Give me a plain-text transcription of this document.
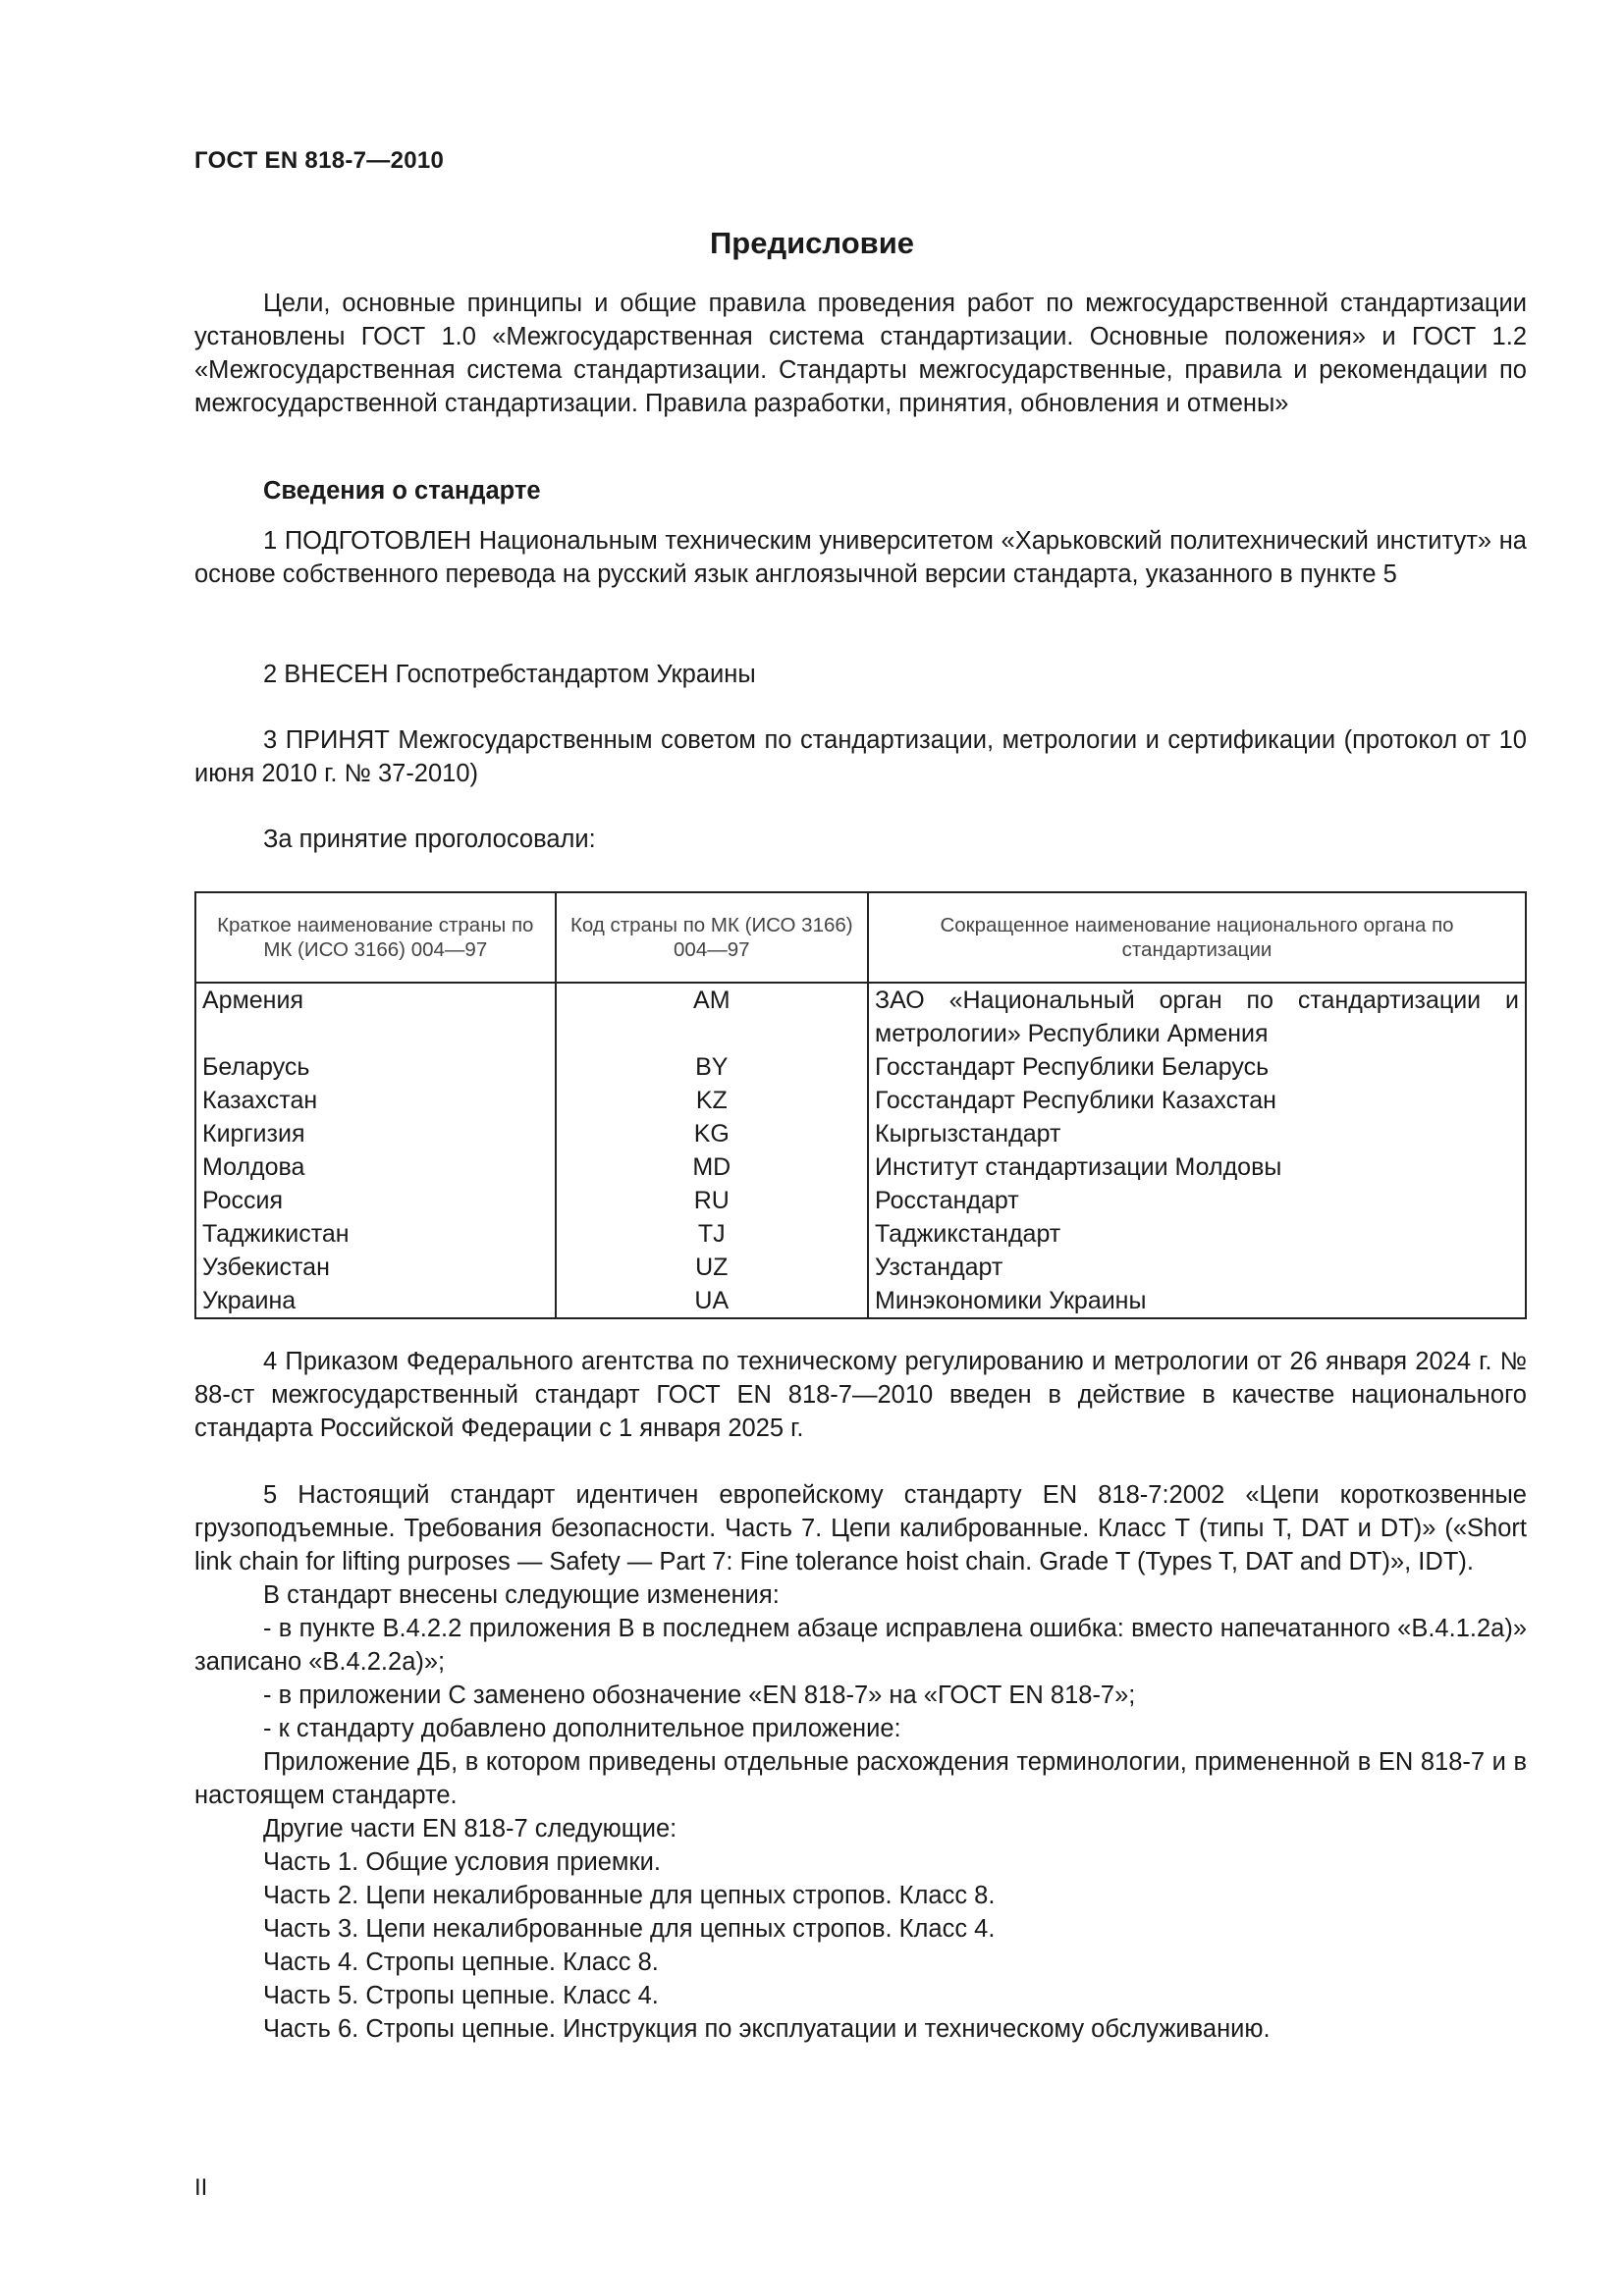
ГОСТ EN 818-7—2010
Предисловие

Цели, основные принципы и общие правила проведения работ по межгосударственной стандартизации установлены ГОСТ 1.0 «Межгосударственная система стандартизации. Основные положения» и ГОСТ 1.2 «Межгосударственная система стандартизации. Стандарты межгосударственные, правила и рекомендации по межгосударственной стандартизации. Правила разработки, принятия, обновления и отмены»

Сведения о стандарте

1 ПОДГОТОВЛЕН Национальным техническим университетом «Харьковский политехнический институт» на основе собственного перевода на русский язык англоязычной версии стандарта, указанного в пункте 5

2 ВНЕСЕН Госпотребстандартом Украины

3 ПРИНЯТ Межгосударственным советом по стандартизации, метрологии и сертификации (протокол от 10 июня 2010 г. № 37-2010)

За принятие проголосовали:

Краткое наименование страны по МК (ИСО 3166) 004—97	Код страны по МК (ИСО 3166) 004—97	Сокращенное наименование национального органа по стандартизации
Армения	AM	ЗАО «Национальный орган по стандартизации и метрологии» Республики Армения
Беларусь	BY	Госстандарт Республики Беларусь
Казахстан	KZ	Госстандарт Республики Казахстан
Киргизия	KG	Кыргызстандарт
Молдова	MD	Институт стандартизации Молдовы
Россия	RU	Росстандарт
Таджикистан	TJ	Таджикстандарт
Узбекистан	UZ	Узстандарт
Украина	UA	Минэкономики Украины

4 Приказом Федерального агентства по техническому регулированию и метрологии от 26 января 2024 г. № 88-ст межгосударственный стандарт ГОСТ EN 818-7—2010 введен в действие в качестве национального стандарта Российской Федерации с 1 января 2025 г.

5 Настоящий стандарт идентичен европейскому стандарту EN 818-7:2002 «Цепи короткозвенные грузоподъемные. Требования безопасности. Часть 7. Цепи калиброванные. Класс Т (типы T, DAT и DT)» («Short link chain for lifting purposes — Safety — Part 7: Fine tolerance hoist chain. Grade T (Types T, DAT and DT)», IDT).

В стандарт внесены следующие изменения:

- в пункте В.4.2.2 приложения В в последнем абзаце исправлена ошибка: вместо напечатанного «В.4.1.2а)» записано «В.4.2.2а)»;

- в приложении С заменено обозначение «EN 818-7» на «ГОСТ EN 818-7»;

- к стандарту добавлено дополнительное приложение:

Приложение ДБ, в котором приведены отдельные расхождения терминологии, примененной в EN 818-7 и в настоящем стандарте.

Другие части EN 818-7 следующие:

Часть 1. Общие условия приемки.

Часть 2. Цепи некалиброванные для цепных стропов. Класс 8.

Часть 3. Цепи некалиброванные для цепных стропов. Класс 4.

Часть 4. Стропы цепные. Класс 8.

Часть 5. Стропы цепные. Класс 4.

Часть 6. Стропы цепные. Инструкция по эксплуатации и техническому обслуживанию.

II
